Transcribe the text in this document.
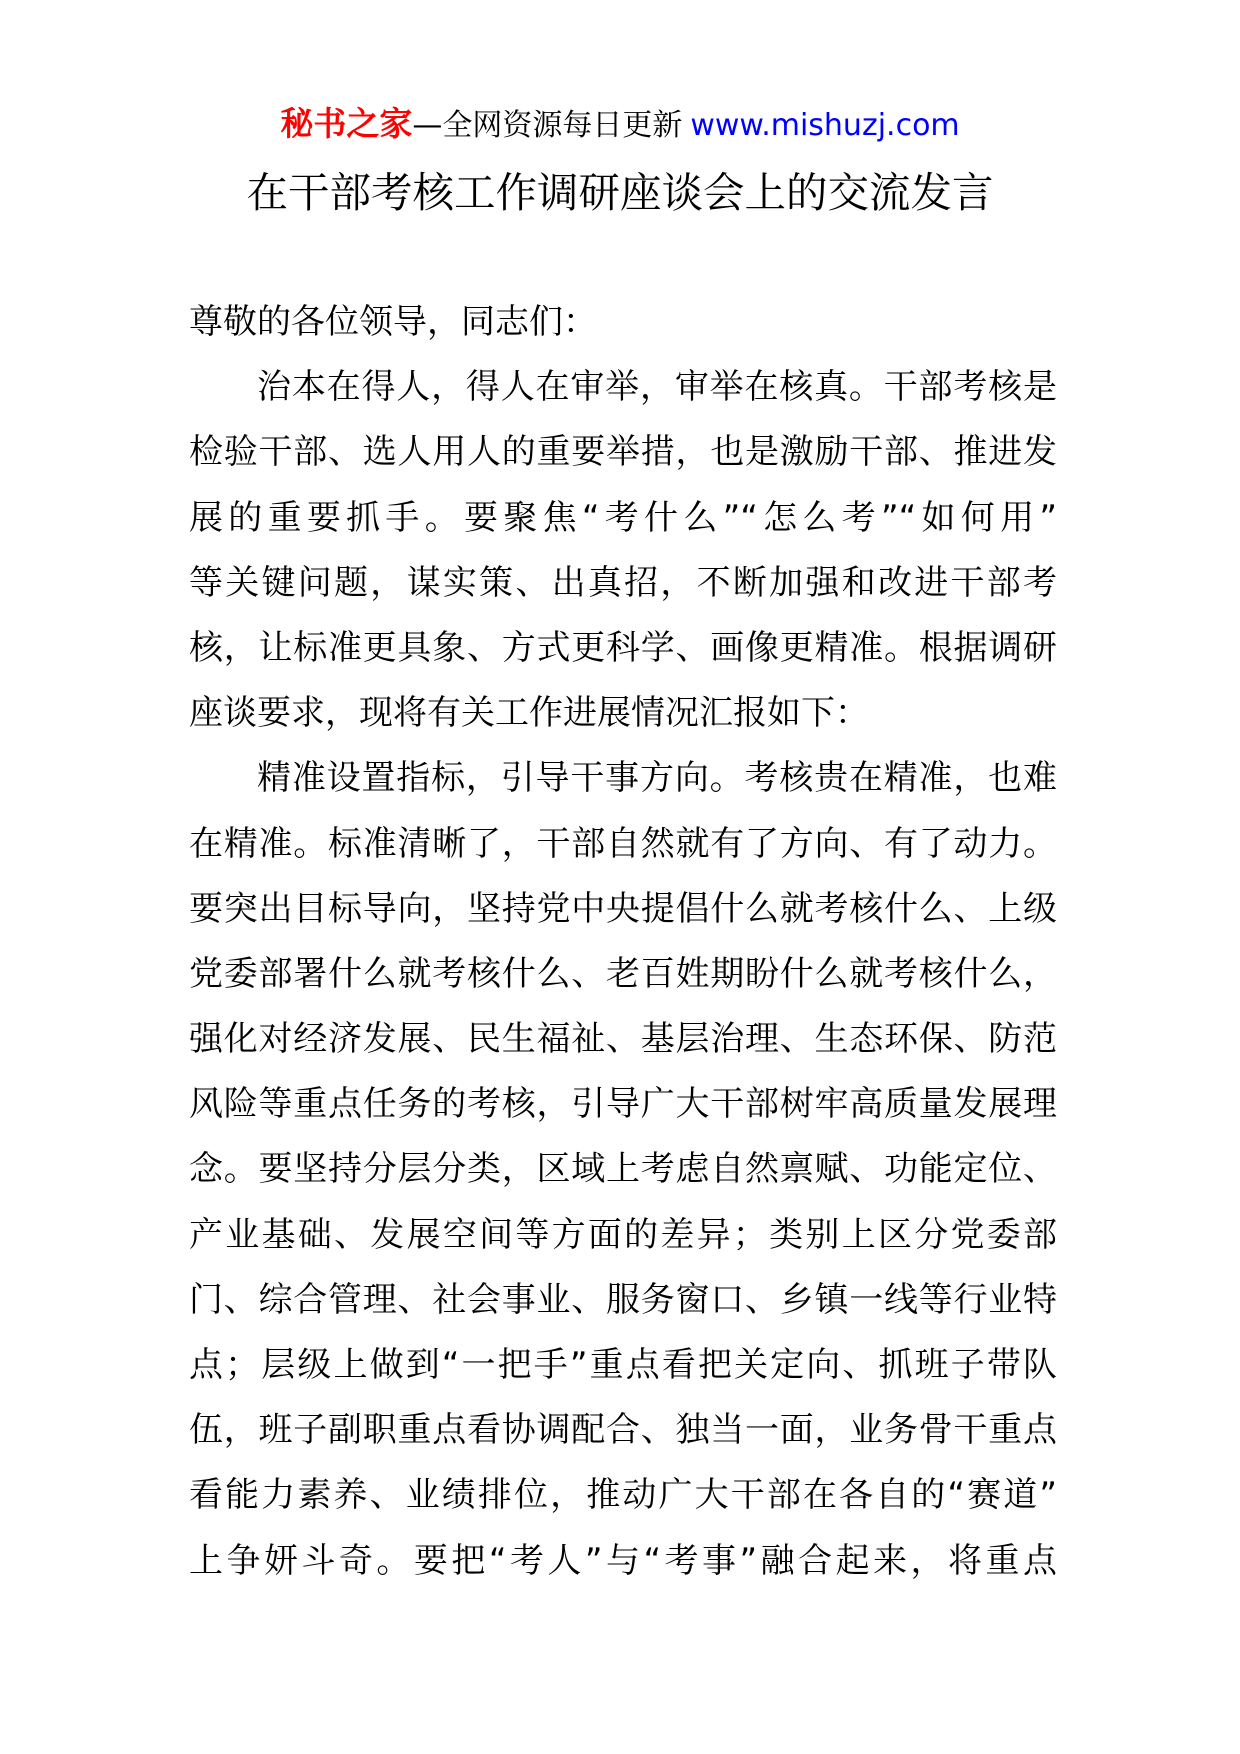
秘书之家—全网资源每日更新 www.mishuzj.com
在干部考核工作调研座谈会上的交流发言
尊敬的各位领导，同志们：
治本在得人，得人在审举，审举在核真。干部考核是
检验干部、选人用人的重要举措，也是激励干部、推进发
展的重要抓手。要聚焦“考什么”“怎么考”“如何用”
等关键问题，谋实策、出真招，不断加强和改进干部考
核，让标准更具象、方式更科学、画像更精准。根据调研
座谈要求，现将有关工作进展情况汇报如下：
精准设置指标，引导干事方向。考核贵在精准，也难
在精准。标准清晰了，干部自然就有了方向、有了动力。
要突出目标导向，坚持党中央提倡什么就考核什么、上级
党委部署什么就考核什么、老百姓期盼什么就考核什么，
强化对经济发展、民生福祉、基层治理、生态环保、防范
风险等重点任务的考核，引导广大干部树牢高质量发展理
念。要坚持分层分类，区域上考虑自然禀赋、功能定位、
产业基础、发展空间等方面的差异；类别上区分党委部
门、综合管理、社会事业、服务窗口、乡镇一线等行业特
点；层级上做到“一把手”重点看把关定向、抓班子带队
伍，班子副职重点看协调配合、独当一面，业务骨干重点
看能力素养、业绩排位，推动广大干部在各自的“赛道”
上争妍斗奇。要把“考人”与“考事”融合起来，将重点
